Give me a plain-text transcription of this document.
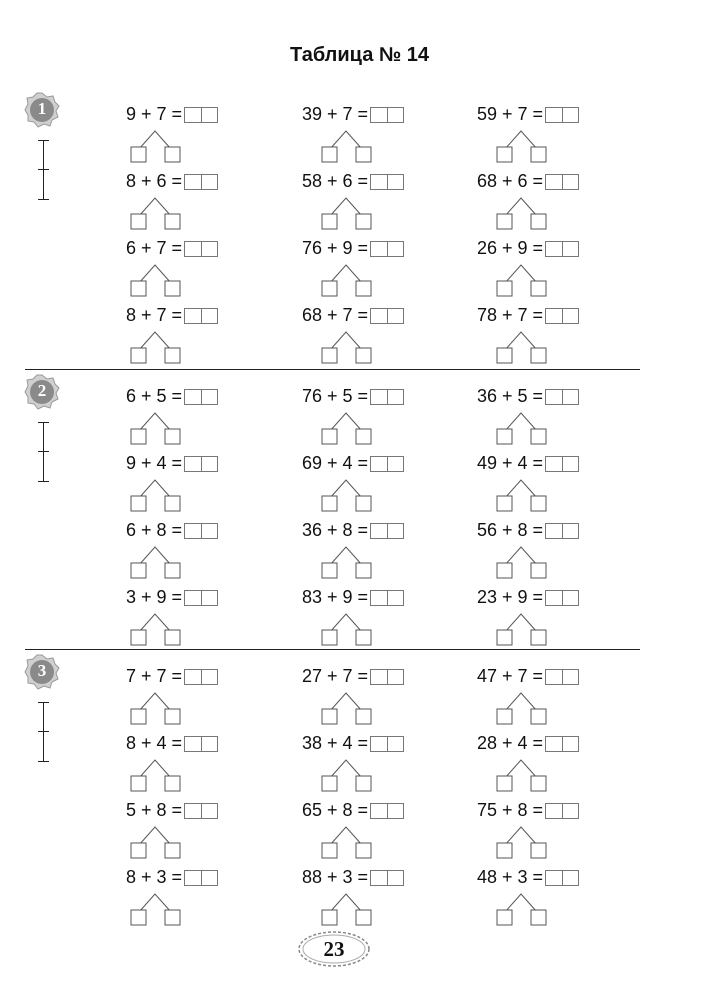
Таблица № 14
1	9 + 7 =	39 + 7 =	59 + 7 =
8 + 6 =	58 + 6 =	68 + 6 =
6 + 7 =	76 + 9 =	26 + 9 =
8 + 7 =	68 + 7 =	78 + 7 =
2	6 + 5 =	76 + 5 =	36 + 5 =
9 + 4 =	69 + 4 =	49 + 4 =
6 + 8 =	36 + 8 =	56 + 8 =
3 + 9 =	83 + 9 =	23 + 9 =
3	7 + 7 =	27 + 7 =	47 + 7 =
8 + 4 =	38 + 4 =	28 + 4 =
5 + 8 =	65 + 8 =	75 + 8 =
8 + 3 =	88 + 3 =	48 + 3 =
23
